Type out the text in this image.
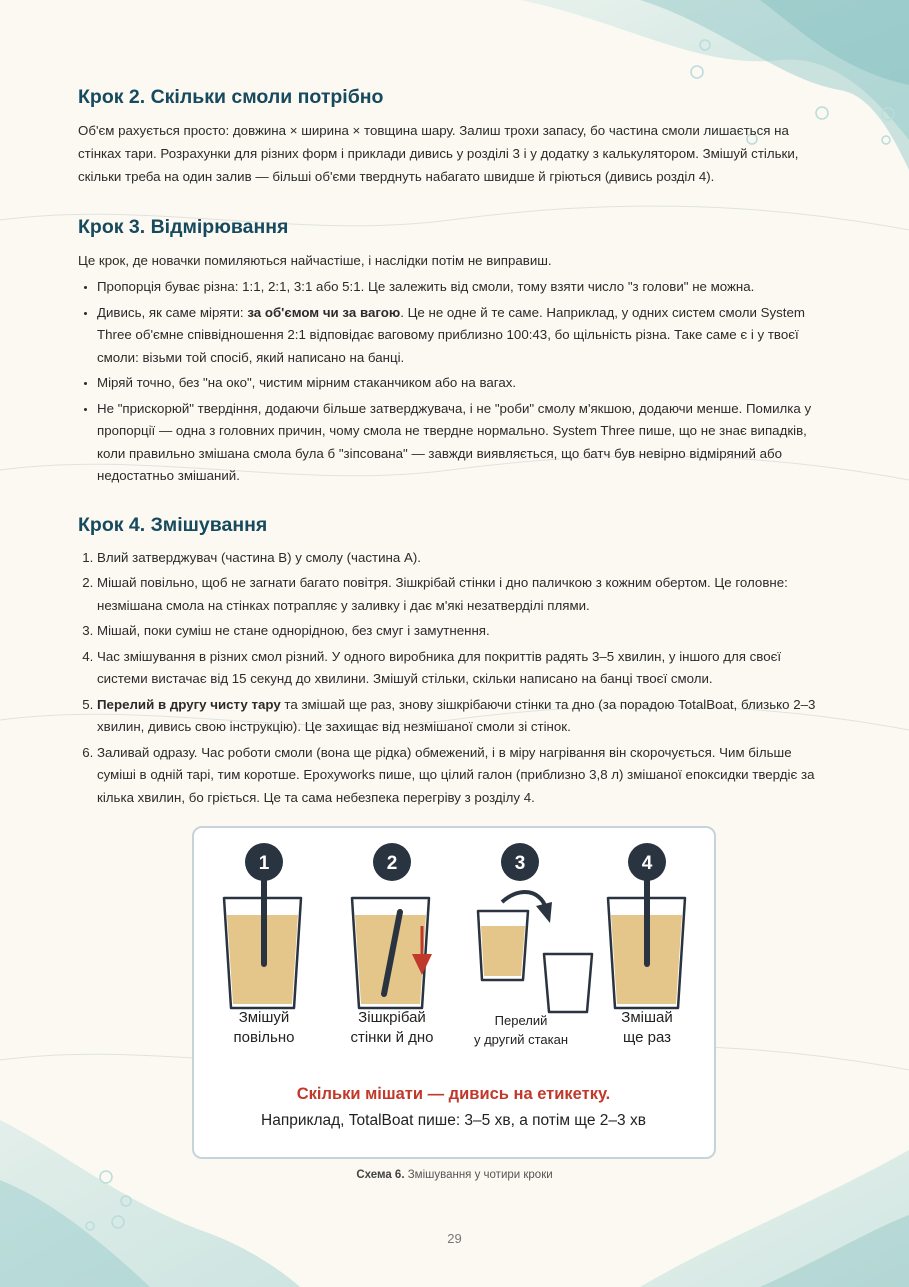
Крок 2. Скільки смоли потрібно

Об'єм рахується просто: довжина × ширина × товщина шару. Залиш трохи запасу, бо частина смоли лишається на стінках тари. Розрахунки для різних форм і приклади дивись у розділі 3 і у додатку з калькулятором. Змішуй стільки, скільки треба на один залив — більші об'єми тверднуть набагато швидше й гріються (дивись розділ 4).

Крок 3. Відмірювання

Це крок, де новачки помиляються найчастіше, і наслідки потім не виправиш.

• Пропорція буває різна: 1:1, 2:1, 3:1 або 5:1. Це залежить від смоли, тому взяти число "з голови" не можна.
• Дивись, як саме міряти: за об'ємом чи за вагою. Це не одне й те саме. Наприклад, у одних систем смоли System Three об'ємне співвідношення 2:1 відповідає ваговому приблизно 100:43, бо щільність різна. Таке саме є і у твоєї смоли: візьми той спосіб, який написано на банці.
• Міряй точно, без "на око", чистим мірним стаканчиком або на вагах.
• Не "прискорюй" твердіння, додаючи більше затверджувача, і не "роби" смолу м'якшою, додаючи менше. Помилка у пропорції — одна з головних причин, чому смола не твердне нормально. System Three пише, що не знає випадків, коли правильно змішана смола була б "зіпсована" — завжди виявляється, що батч був невірно відміряний або недостатньо змішаний.
Крок 4. Змішування
1. Влий затверджувач (частина B) у смолу (частина A).
2. Мішай повільно, щоб не загнати багато повітря. Зішкрібай стінки і дно паличкою з кожним обертом. Це головне: незмішана смола на стінках потрапляє у заливку і дає м'які незатверділі плями.
3. Мішай, поки суміш не стане однорідною, без смуг і замутнення.
4. Час змішування в різних смол різний. У одного виробника для покриттів радять 3–5 хвилин, у іншого для своєї системи вистачає від 15 секунд до хвилини. Змішуй стільки, скільки написано на банці твоєї смоли.
5. Перелий в другу чисту тару та змішай ще раз, знову зішкрібаючи стінки та дно (за порадою TotalBoat, близько 2–3 хвилин, дивись свою інструкцію). Це захищає від незмішаної смоли зі стінок.
6. Заливай одразу. Час роботи смоли (вона ще рідка) обмежений, і в міру нагрівання він скорочується. Чим більше суміші в одній тарі, тим коротше. Epoxyworks пише, що цілий галон (приблизно 3,8 л) змішаної епоксидки твердіє за кілька хвилин, бо гріється. Це та сама небезпека перегріву з розділу 4.
1	2	3	4
Змішуй
повільно
Зішкрібай
стінки й дно
Перелий
у другий стакан
Змішай
ще раз
Скільки мішати — дивись на етикетку.
Наприклад, TotalBoat пише: 3–5 хв, а потім ще 2–3 хв
Схема 6. Змішування у чотири кроки
29
